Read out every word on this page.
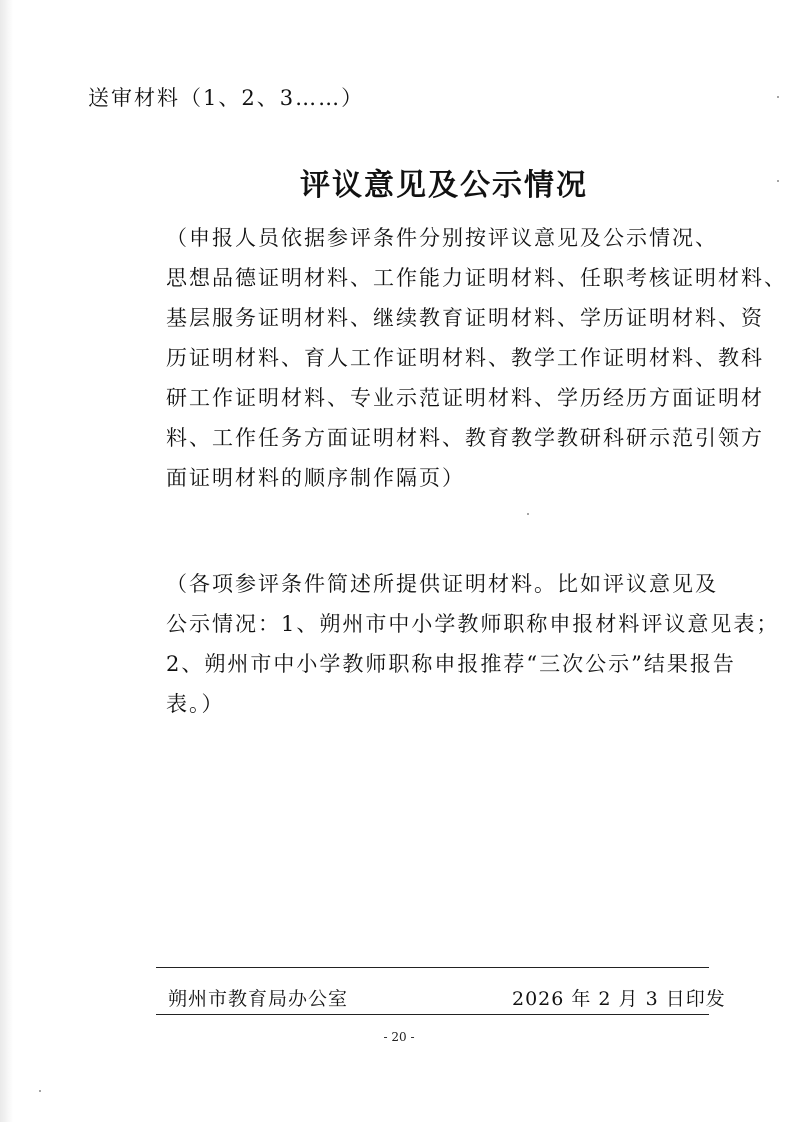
送审材料（1、2、3……）
评议意见及公示情况
（申报人员依据参评条件分别按评议意见及公示情况、
思想品德证明材料、工作能力证明材料、任职考核证明材料、
基层服务证明材料、继续教育证明材料、学历证明材料、资
历证明材料、育人工作证明材料、教学工作证明材料、教科
研工作证明材料、专业示范证明材料、学历经历方面证明材
料、工作任务方面证明材料、教育教学教研科研示范引领方
面证明材料的顺序制作隔页）
（各项参评条件简述所提供证明材料。比如评议意见及
公示情况：1、朔州市中小学教师职称申报材料评议意见表；
2、朔州市中小学教师职称申报推荐“三次公示”结果报告
表。）
朔州市教育局办公室	2026 年 2 月 3 日印发
- 20 -
